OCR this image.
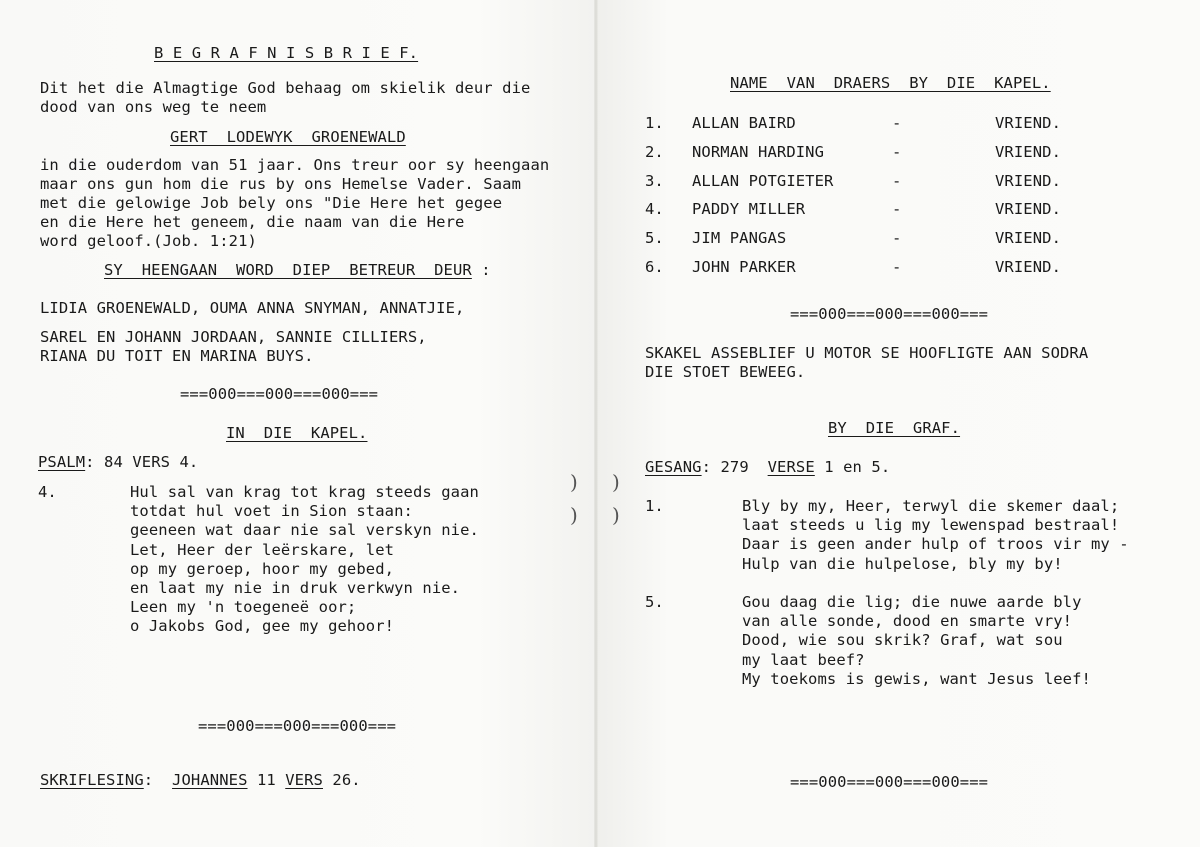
)
)
)
)
B E G R A F N I S B R I E F.
Dit het die Almagtige God behaag om skielik deur die
dood van ons weg te neem
GERT  LODEWYK  GROENEWALD
in die ouderdom van 51 jaar. Ons treur oor sy heengaan
maar ons gun hom die rus by ons Hemelse Vader. Saam
met die gelowige Job bely ons "Die Here het gegee
en die Here het geneem, die naam van die Here
word geloof.(Job. 1:21)
SY  HEENGAAN  WORD  DIEP  BETREUR  DEUR :
LIDIA GROENEWALD, OUMA ANNA SNYMAN, ANNATJIE,
SAREL EN JOHANN JORDAAN, SANNIE CILLIERS,
RIANA DU TOIT EN MARINA BUYS.
===000===000===000===
IN  DIE  KAPEL.
PSALM: 84 VERS 4.
4.	Hul sal van krag tot krag steeds gaan
totdat hul voet in Sion staan:
geeneen wat daar nie sal verskyn nie.
Let, Heer der leërskare, let
op my geroep, hoor my gebed,
en laat my nie in druk verkwyn nie.
Leen my 'n toegeneë oor;
o Jakobs God, gee my gehoor!
===000===000===000===
SKRIFLESING:  JOHANNES 11 VERS 26.
NAME  VAN  DRAERS  BY  DIE  KAPEL.
1. ALLAN BAIRD	-	VRIEND.
2. NORMAN HARDING	-	VRIEND.
3. ALLAN POTGIETER	-	VRIEND.
4. PADDY MILLER	-	VRIEND.
5. JIM PANGAS	-	VRIEND.
6. JOHN PARKER	-	VRIEND.
===000===000===000===
SKAKEL ASSEBLIEF U MOTOR SE HOOFLIGTE AAN SODRA
DIE STOET BEWEEG.
BY  DIE  GRAF.
GESANG: 279  VERSE 1 en 5.
1.	Bly by my, Heer, terwyl die skemer daal;
laat steeds u lig my lewenspad bestraal!
Daar is geen ander hulp of troos vir my -
Hulp van die hulpelose, bly my by!
5.	Gou daag die lig; die nuwe aarde bly
van alle sonde, dood en smarte vry!
Dood, wie sou skrik? Graf, wat sou
my laat beef?
My toekoms is gewis, want Jesus leef!
===000===000===000===
